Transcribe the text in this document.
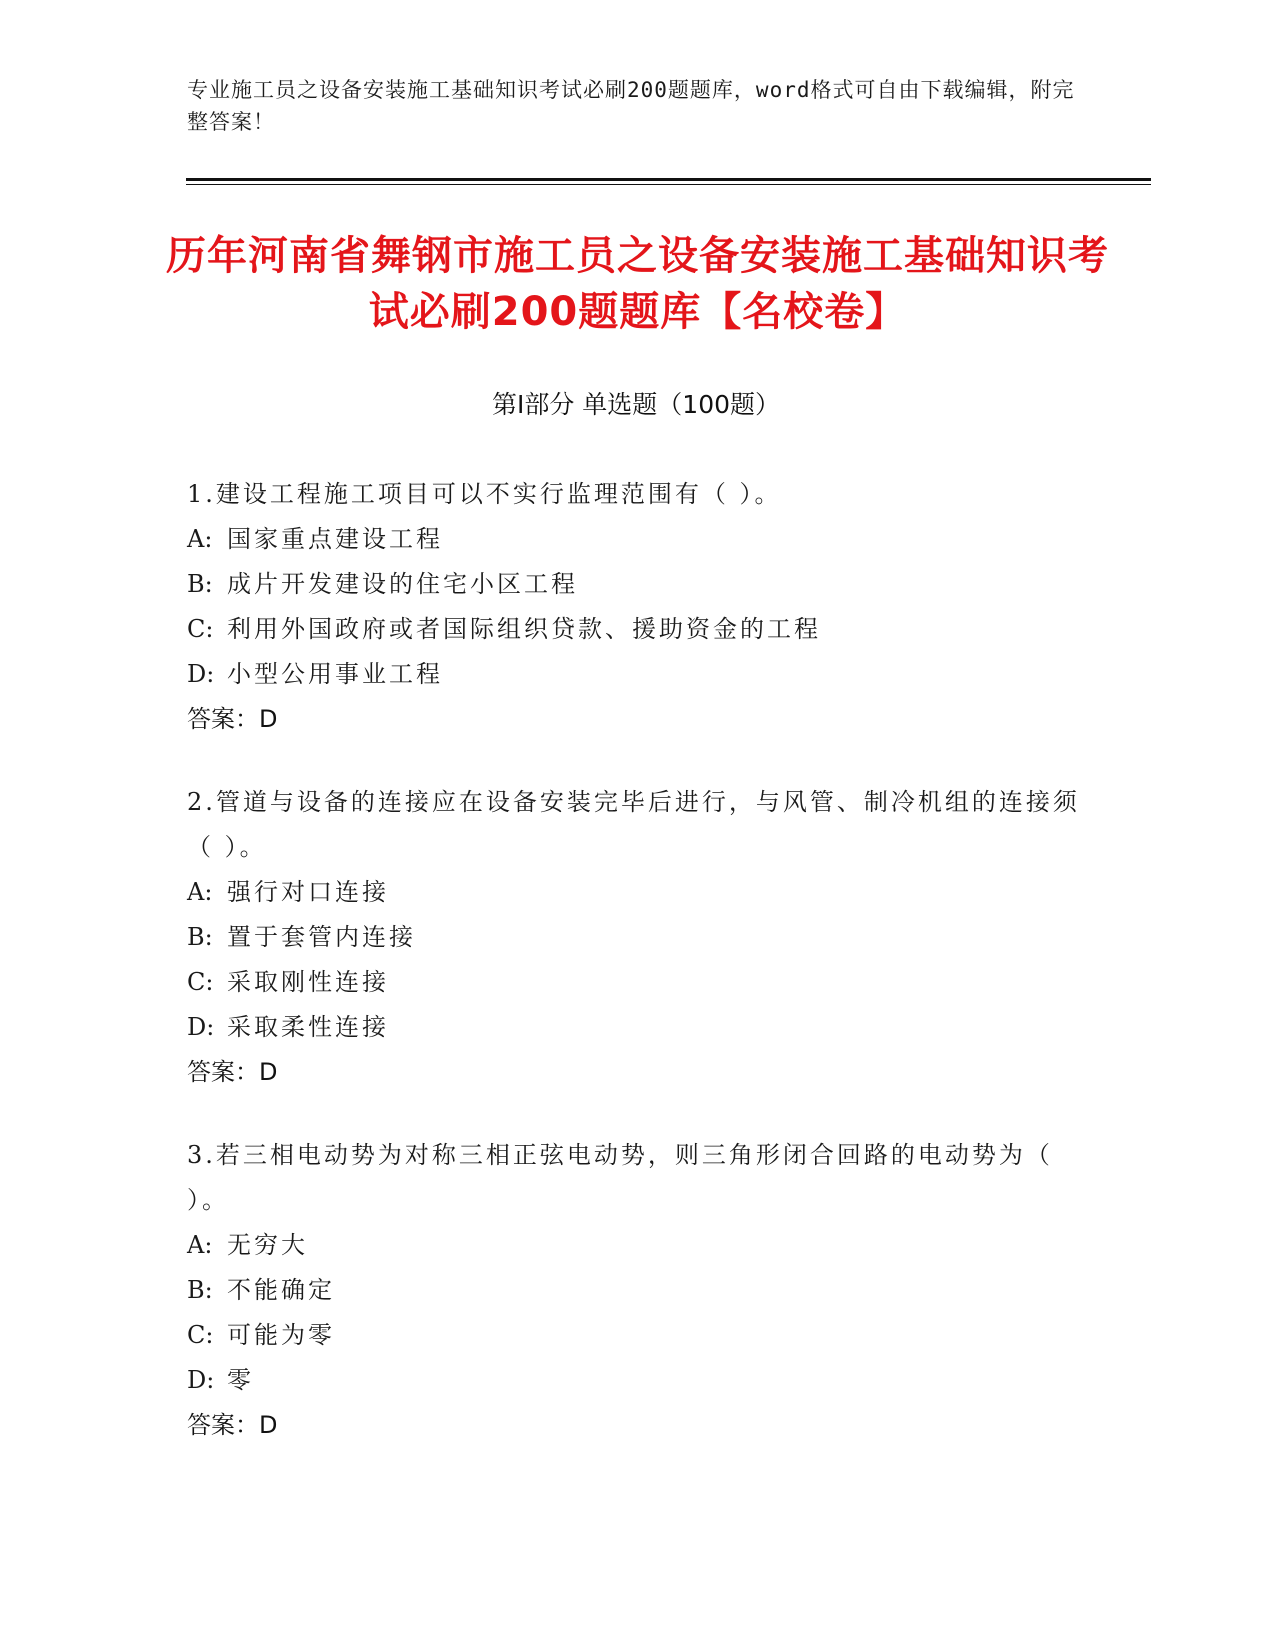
专业施工员之设备安装施工基础知识考试必刷200题题库，word格式可自由下载编辑，附完整答案！
历年河南省舞钢市施工员之设备安装施工基础知识考试必刷200题题库【名校卷】
第Ⅰ部分 单选题（100题）
1.建设工程施工项目可以不实行监理范围有（ ）。
A: 国家重点建设工程
B: 成片开发建设的住宅小区工程
C: 利用外国政府或者国际组织贷款、援助资金的工程
D: 小型公用事业工程
答案：D
2.管道与设备的连接应在设备安装完毕后进行，与风管、制冷机组的连接须（ ）。
A: 强行对口连接
B: 置于套管内连接
C: 采取刚性连接
D: 采取柔性连接
答案：D
3.若三相电动势为对称三相正弦电动势，则三角形闭合回路的电动势为（ ）。
A: 无穷大
B: 不能确定
C: 可能为零
D: 零
答案：D
